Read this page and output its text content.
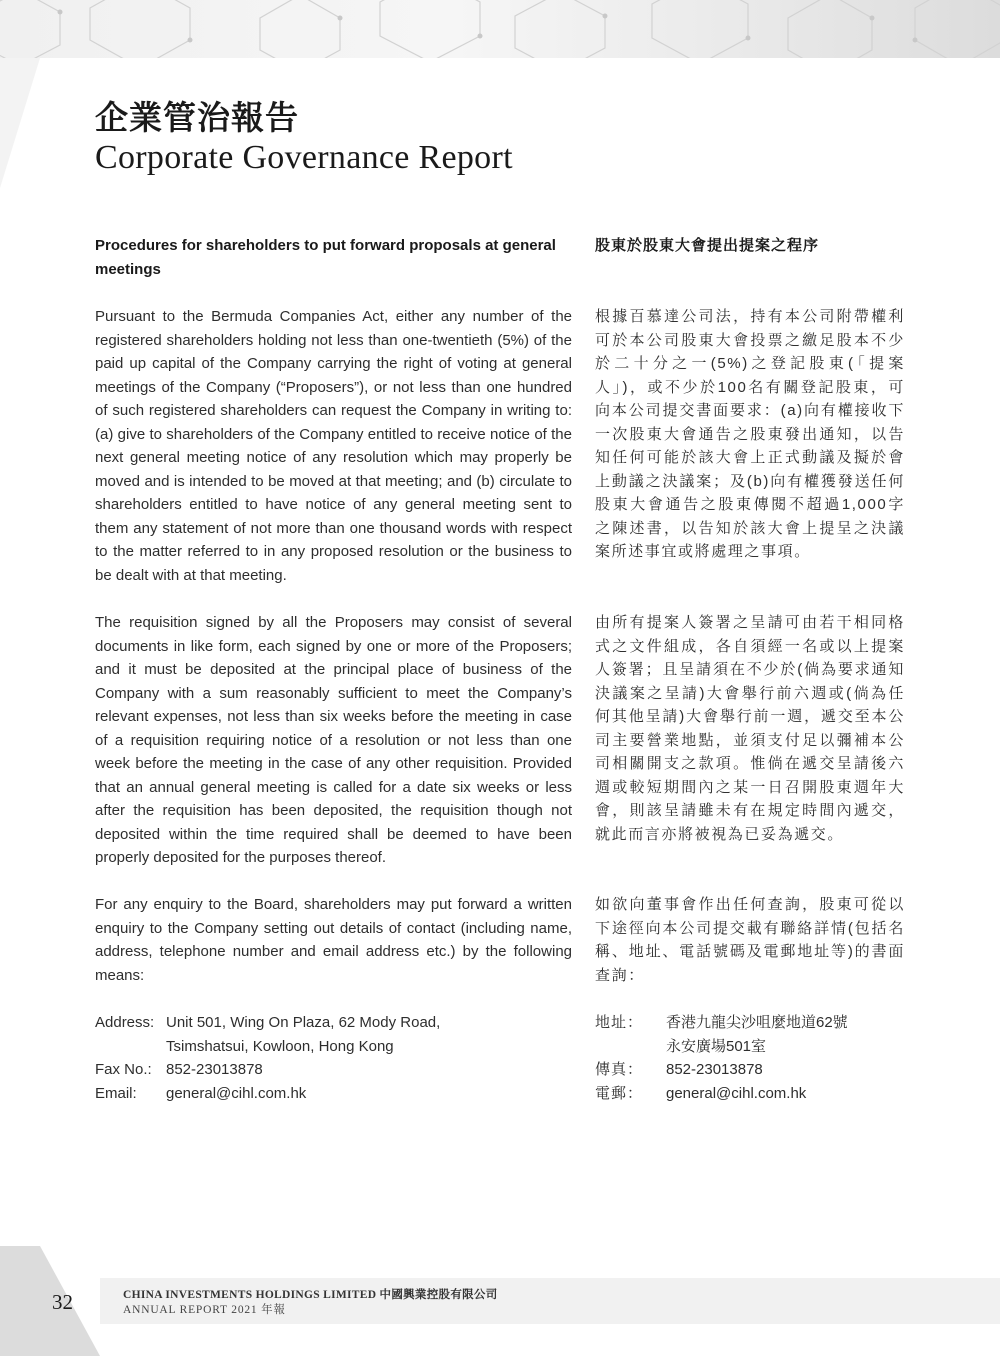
企業管治報告
Corporate Governance Report
Procedures for shareholders to put forward proposals at general meetings
股東於股東大會提出提案之程序

Pursuant to the Bermuda Companies Act, either any number of the registered shareholders holding not less than one-twentieth (5%) of the paid up capital of the Company carrying the right of voting at general meetings of the Company (“Proposers”), or not less than one hundred of such registered shareholders can request the Company in writing to: (a) give to shareholders of the Company entitled to receive notice of the next general meeting notice of any resolution which may properly be moved and is intended to be moved at that meeting; and (b) circulate to shareholders entitled to have notice of any general meeting sent to them any statement of not more than one thousand words with respect to the matter referred to in any proposed resolution or the business to be dealt with at that meeting.

根據百慕達公司法，持有本公司附帶權利可於本公司股東大會投票之繳足股本不少於二十分之一(5%)之登記股東(「提案人」)，或不少於100名有關登記股東，可向本公司提交書面要求：(a)向有權接收下一次股東大會通告之股東發出通知，以告知任何可能於該大會上正式動議及擬於會上動議之決議案；及(b)向有權獲發送任何股東大會通告之股東傳閱不超過1,000字之陳述書，以告知於該大會上提呈之決議案所述事宜或將處理之事項。

The requisition signed by all the Proposers may consist of several documents in like form, each signed by one or more of the Proposers; and it must be deposited at the principal place of business of the Company with a sum reasonably sufficient to meet the Company’s relevant expenses, not less than six weeks before the meeting in case of a requisition requiring notice of a resolution or not less than one week before the meeting in the case of any other requisition. Provided that an annual general meeting is called for a date six weeks or less after the requisition has been deposited, the requisition though not deposited within the time required shall be deemed to have been properly deposited for the purposes thereof.

由所有提案人簽署之呈請可由若干相同格式之文件組成，各自須經一名或以上提案人簽署；且呈請須在不少於(倘為要求通知決議案之呈請)大會舉行前六週或(倘為任何其他呈請)大會舉行前一週，遞交至本公司主要營業地點，並須支付足以彌補本公司相關開支之款項。惟倘在遞交呈請後六週或較短期間內之某一日召開股東週年大會，則該呈請雖未有在規定時間內遞交，就此而言亦將被視為已妥為遞交。

For any enquiry to the Board, shareholders may put forward a written enquiry to the Company setting out details of contact (including name, address, telephone number and email address etc.) by the following means:

如欲向董事會作出任何查詢，股東可從以下途徑向本公司提交載有聯絡詳情(包括名稱、地址、電話號碼及電郵地址等)的書面查詢：

Address: Unit 501, Wing On Plaza, 62 Mody Road,
Tsimshatsui, Kowloon, Hong Kong
Fax No.: 852-23013878
Email:	general@cihl.com.hk
地址：	香港九龍尖沙咀麼地道62號
永安廣場501室
傳真：	852-23013878
電郵：	general@cihl.com.hk
32	CHINA INVESTMENTS HOLDINGS LIMITED 中國興業控股有限公司
ANNUAL REPORT 2021 年報
